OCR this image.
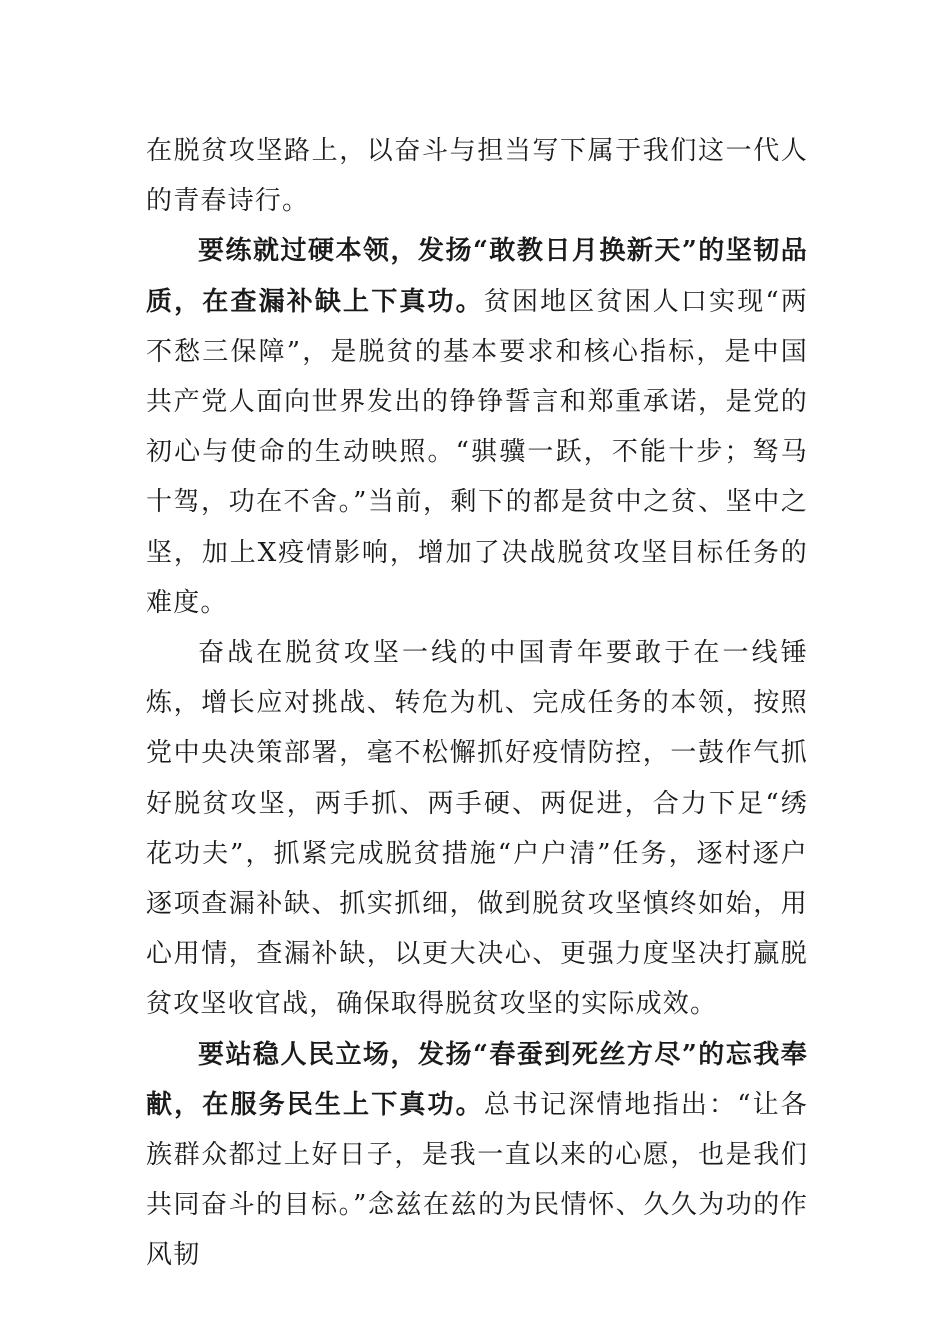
在脱贫攻坚路上，以奋斗与担当写下属于我们这一代人的青春诗行。

要练就过硬本领，发扬“敢教日月换新天”的坚韧品质，在查漏补缺上下真功。贫困地区贫困人口实现“两不愁三保障”，是脱贫的基本要求和核心指标，是中国共产党人面向世界发出的铮铮誓言和郑重承诺，是党的初心与使命的生动映照。“骐骥一跃，不能十步；驽马十驾，功在不舍。”当前，剩下的都是贫中之贫、坚中之坚，加上X疫情影响，增加了决战脱贫攻坚目标任务的难度。

奋战在脱贫攻坚一线的中国青年要敢于在一线锤炼，增长应对挑战、转危为机、完成任务的本领，按照党中央决策部署，毫不松懈抓好疫情防控，一鼓作气抓好脱贫攻坚，两手抓、两手硬、两促进，合力下足“绣花功夫”，抓紧完成脱贫措施“户户清”任务，逐村逐户逐项查漏补缺、抓实抓细，做到脱贫攻坚慎终如始，用心用情，查漏补缺，以更大决心、更强力度坚决打赢脱贫攻坚收官战，确保取得脱贫攻坚的实际成效。

要站稳人民立场，发扬“春蚕到死丝方尽”的忘我奉献，在服务民生上下真功。总书记深情地指出：“让各族群众都过上好日子，是我一直以来的心愿，也是我们共同奋斗的目标。”念兹在兹的为民情怀、久久为功的作风韧
